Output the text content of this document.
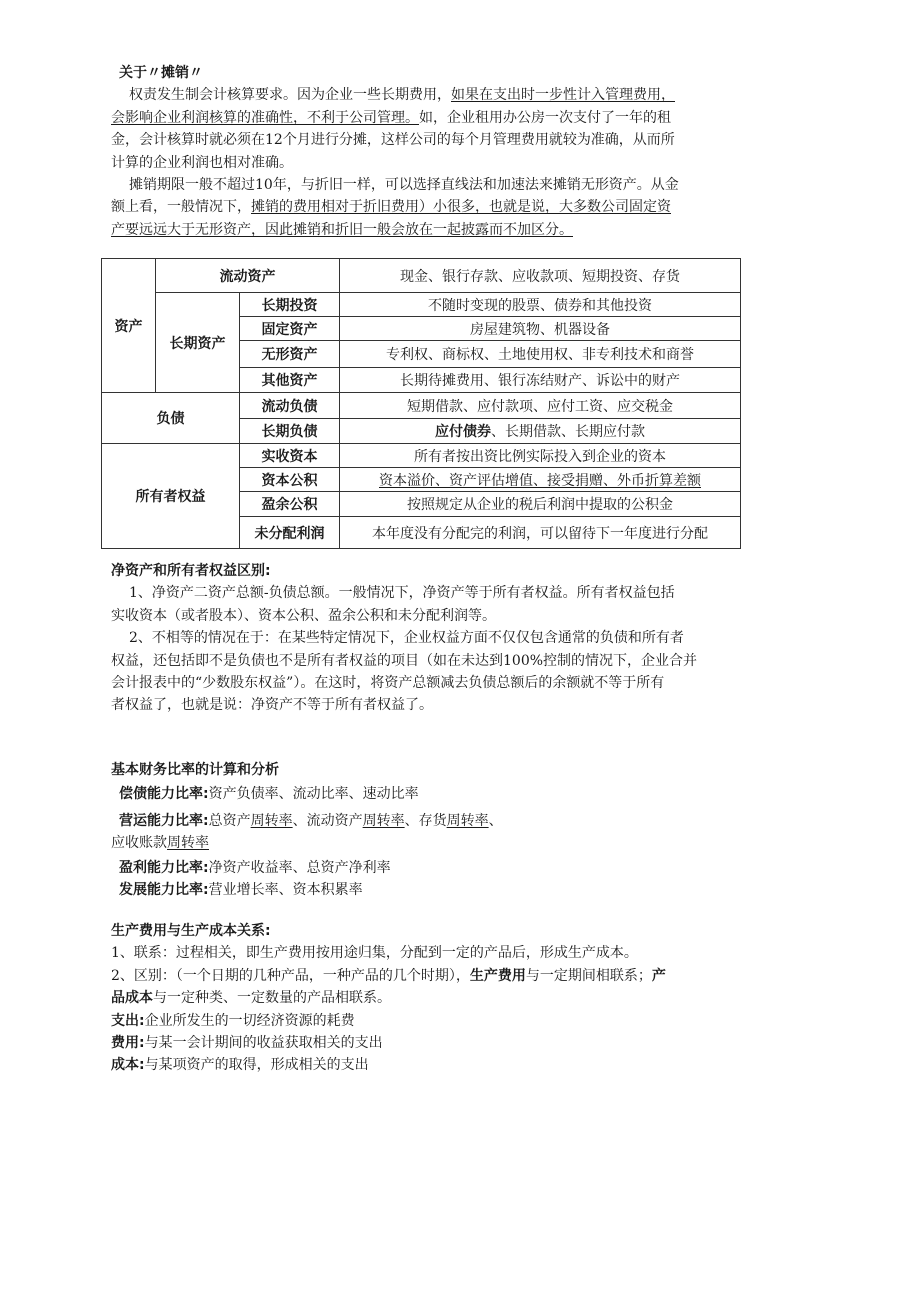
关于〃摊销〃
权责发生制会计核算要求。因为企业一些长期费用，如果在支出时一步性计入管理费用，
会影响企业利润核算的准确性，不利于公司管理。如，企业租用办公房一次支付了一年的租
金，会计核算时就必须在12个月进行分摊，这样公司的每个月管理费用就较为准确，从而所
计算的企业利润也相对准确。
摊销期限一般不超过10年，与折旧一样，可以选择直线法和加速法来摊销无形资产。从金
额上看，一般情况下，摊销的费用相对于折旧费用）小很多，也就是说，大多数公司固定资
产要远远大于无形资产，因此摊销和折旧一般会放在一起披露而不加区分。
资产	流动资产		现金、银行存款、应收款项、短期投资、存货
	长期资产	长期投资	不随时变现的股票、债券和其他投资
		固定资产	房屋建筑物、机器设备
		无形资产	专利权、商标权、土地使用权、非专利技术和商誉
		其他资产	长期待摊费用、银行冻结财产、诉讼中的财产
负债		流动负债	短期借款、应付款项、应付工资、应交税金
		长期负债	应付债券、长期借款、长期应付款
所有者权益		实收资本	所有者按出资比例实际投入到企业的资本
		资本公积	资本溢价、资产评估增值、接受捐赠、外币折算差额
		盈余公积	按照规定从企业的税后利润中提取的公积金
		未分配利润	本年度没有分配完的利润，可以留待下一年度进行分配
净资产和所有者权益区别:
1、净资产二资产总额-负债总额。一般情况下，净资产等于所有者权益。所有者权益包括
实收资本（或者股本）、资本公积、盈余公积和未分配利润等。
2、不相等的情况在于：在某些特定情况下，企业权益方面不仅仅包含通常的负债和所有者
权益，还包括即不是负债也不是所有者权益的项目（如在未达到100%控制的情况下，企业合并
会计报表中的“少数股东权益”）。在这时，将资产总额减去负债总额后的余额就不等于所有
者权益了，也就是说：净资产不等于所有者权益了。
基本财务比率的计算和分析
偿债能力比率:资产负债率、流动比率、速动比率
营运能力比率:总资产周转率、流动资产周转率、存货周转率、
应收账款周转率
盈利能力比率:净资产收益率、总资产净利率
发展能力比率:营业增长率、资本积累率
生产费用与生产成本关系:
1、联系：过程相关，即生产费用按用途归集，分配到一定的产品后，形成生产成本。
2、区别：（一个日期的几种产品，一种产品的几个时期），生产费用与一定期间相联系；产
品成本与一定种类、一定数量的产品相联系。
支出:企业所发生的一切经济资源的耗费
费用:与某一会计期间的收益获取相关的支出
成本:与某项资产的取得，形成相关的支出
